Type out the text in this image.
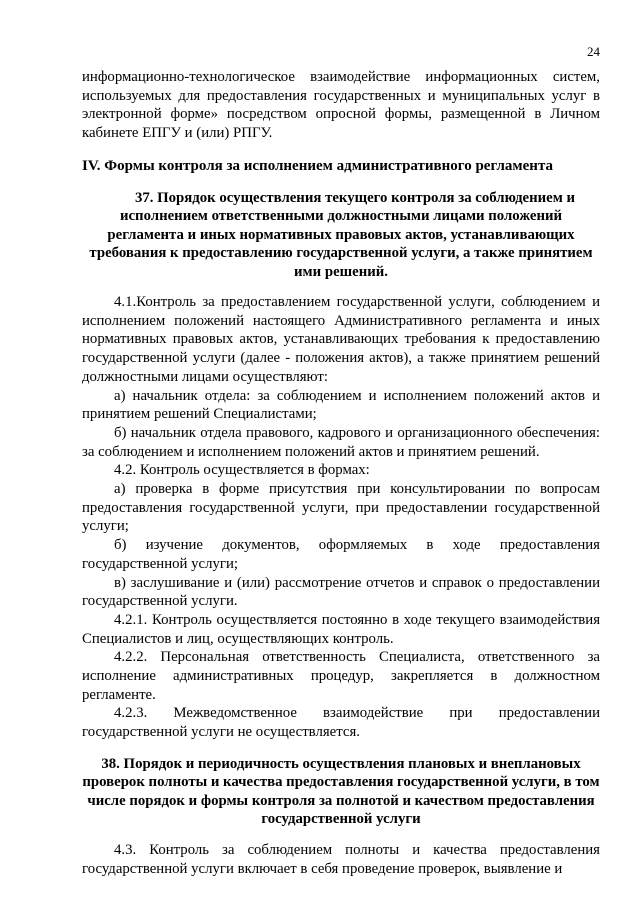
24

информационно-технологическое взаимодействие информационных систем, используемых для предоставления государственных и муниципальных услуг в электронной форме» посредством опросной формы, размещенной в Личном кабинете ЕПГУ и (или) РПГУ.

IV. Формы контроля за исполнением административного регламента
37. Порядок осуществления текущего контроля за соблюдением и исполнением ответственными должностными лицами положений регламента и иных нормативных правовых актов, устанавливающих требования к предоставлению государственной услуги, а также принятием ими решений.

4.1.Контроль за предоставлением государственной услуги, соблюдением и исполнением положений настоящего Административного регламента и иных нормативных правовых актов, устанавливающих требования к предоставлению государственной услуги (далее - положения актов), а также принятием решений должностными лицами осуществляют:

а) начальник отдела: за соблюдением и исполнением положений актов и принятием решений Специалистами;

б) начальник отдела правового, кадрового и организационного обеспечения: за соблюдением и исполнением положений актов и принятием решений.

4.2. Контроль осуществляется в формах:

а) проверка в форме присутствия при консультировании по вопросам предоставления государственной услуги, при предоставлении государственной услуги;

б) изучение документов, оформляемых в ходе предоставления государственной услуги;

в) заслушивание и (или) рассмотрение отчетов и справок о предоставлении государственной услуги.

4.2.1. Контроль осуществляется постоянно в ходе текущего взаимодействия Специалистов и лиц, осуществляющих контроль.

4.2.2. Персональная ответственность Специалиста, ответственного за исполнение административных процедур, закрепляется в должностном регламенте.

4.2.3. Межведомственное взаимодействие при предоставлении государственной услуги не осуществляется.

38. Порядок и периодичность осуществления плановых и внеплановых проверок полноты и качества предоставления государственной услуги, в том числе порядок и формы контроля за полнотой и качеством предоставления государственной услуги

4.3. Контроль за соблюдением полноты и качества предоставления государственной услуги включает в себя проведение проверок, выявление и
